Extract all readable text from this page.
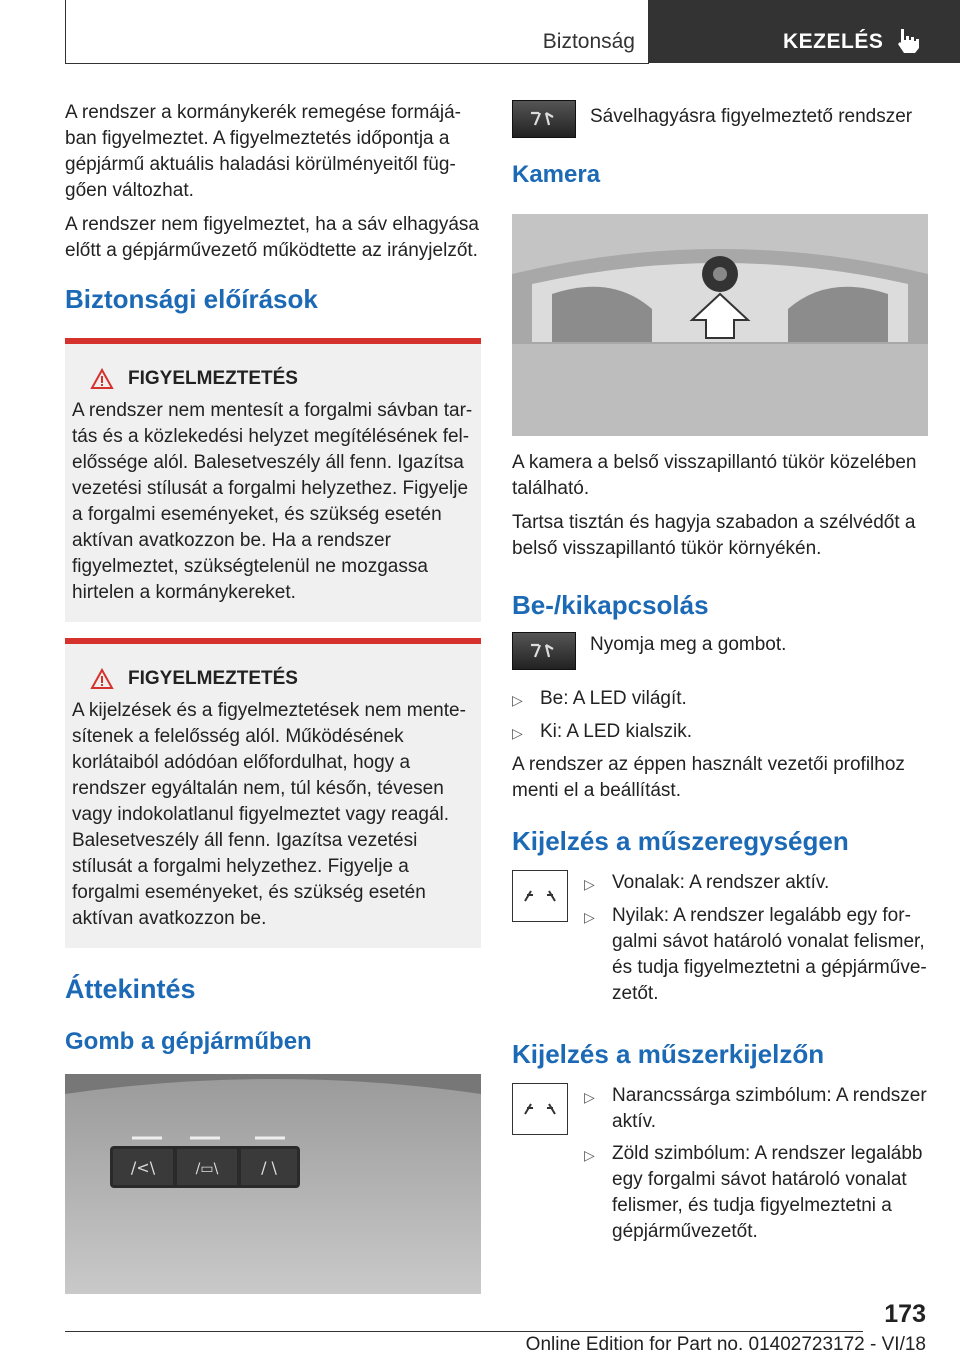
Biztonság	KEZELÉS

A rendszer a kormánykerék remegése formájában figyelmeztet. A figyelmeztetés időpontja a gépjármű aktuális haladási körülményeitől függően változhat.

A rendszer nem figyelmeztet, ha a sáv elhagyása előtt a gépjárművezető működtette az irányjelzőt.

Biztonsági előírások
FIGYELMEZTETÉS
A rendszer nem mentesít a forgalmi sávban tartás és a közlekedési helyzet megítélésének felelőssége alól. Balesetveszély áll fenn. Igazítsa vezetési stílusát a forgalmi helyzethez. Figyelje a forgalmi eseményeket, és szükség esetén aktívan avatkozzon be. Ha a rendszer figyelmeztet, szükségtelenül ne mozgassa hirtelen a kormánykereket.
FIGYELMEZTETÉS
A kijelzések és a figyelmeztetések nem mentesítenek a felelősség alól. Működésének korlátaiból adódóan előfordulhat, hogy a rendszer egyáltalán nem, túl későn, tévesen vagy indokolatlanul figyelmeztet vagy reagál. Balesetveszély áll fenn. Igazítsa vezetési stílusát a forgalmi helyzethez. Figyelje a forgalmi eseményeket, és szükség esetén aktívan avatkozzon be.
Áttekintés
Gomb a gépjárműben
/<\	/▭\	/ \
Sávelhagyásra figyelmeztető rendszer
Kamera

A kamera a belső visszapillantó tükör közelében található.

Tartsa tisztán és hagyja szabadon a szélvédőt a belső visszapillantó tükör környékén.

Be-/kikapcsolás
Nyomja meg a gombot.
▷ Be: A LED világít.
▷ Ki: A LED kialszik.

A rendszer az éppen használt vezetői profilhoz menti el a beállítást.

Kijelzés a műszeregységen
▷ Vonalak: A rendszer aktív.
▷ Nyilak: A rendszer legalább egy forgalmi sávot határoló vonalat felismer, és tudja figyelmeztetni a gépjárművezetőt.
Kijelzés a műszerkijelzőn
▷ Narancssárga szimbólum: A rendszer aktív.
▷ Zöld szimbólum: A rendszer legalább egy forgalmi sávot határoló vonalat felismer, és tudja figyelmeztetni a gépjárművezetőt.
173
Online Edition for Part no. 01402723172 - VI/18
